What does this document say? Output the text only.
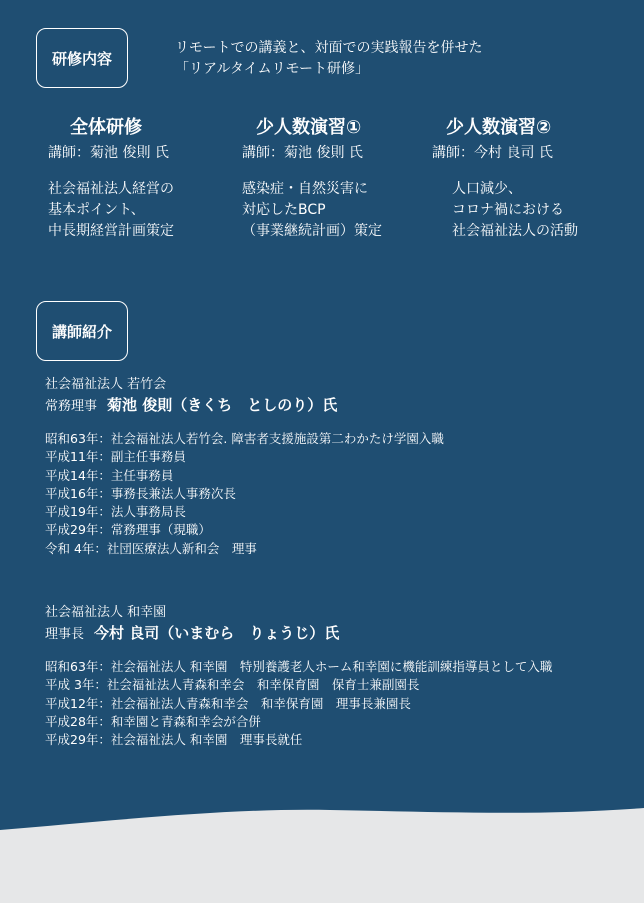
研修内容
リモートでの講義と、対面での実践報告を併せた
「リアルタイムリモート研修」
全体研修
講師：菊池 俊則 氏
社会福祉法人経営の
基本ポイント、
中長期経営計画策定
少人数演習①
講師：菊池 俊則 氏
感染症・自然災害に
対応したBCP
（事業継続計画）策定
少人数演習②
講師：今村 良司 氏
人口減少、
コロナ禍における
社会福祉法人の活動
講師紹介
社会福祉法人 若竹会
常務理事 菊池 俊則（きくち　としのり）氏
昭和63年：社会福祉法人若竹会. 障害者支援施設第二わかたけ学園入職
平成11年：副主任事務員
平成14年：主任事務員
平成16年：事務長兼法人事務次長
平成19年：法人事務局長
平成29年：常務理事（現職）
令和 4年：社団医療法人新和会　理事
社会福祉法人 和幸園
理事長 今村 良司（いまむら　りょうじ）氏
昭和63年：社会福祉法人 和幸園　特別養護老人ホーム和幸園に機能訓練指導員として入職
平成 3年：社会福祉法人青森和幸会　和幸保育園　保育士兼副園長
平成12年：社会福祉法人青森和幸会　和幸保育園　理事長兼園長
平成28年：和幸園と青森和幸会が合併
平成29年：社会福祉法人 和幸園　理事長就任
